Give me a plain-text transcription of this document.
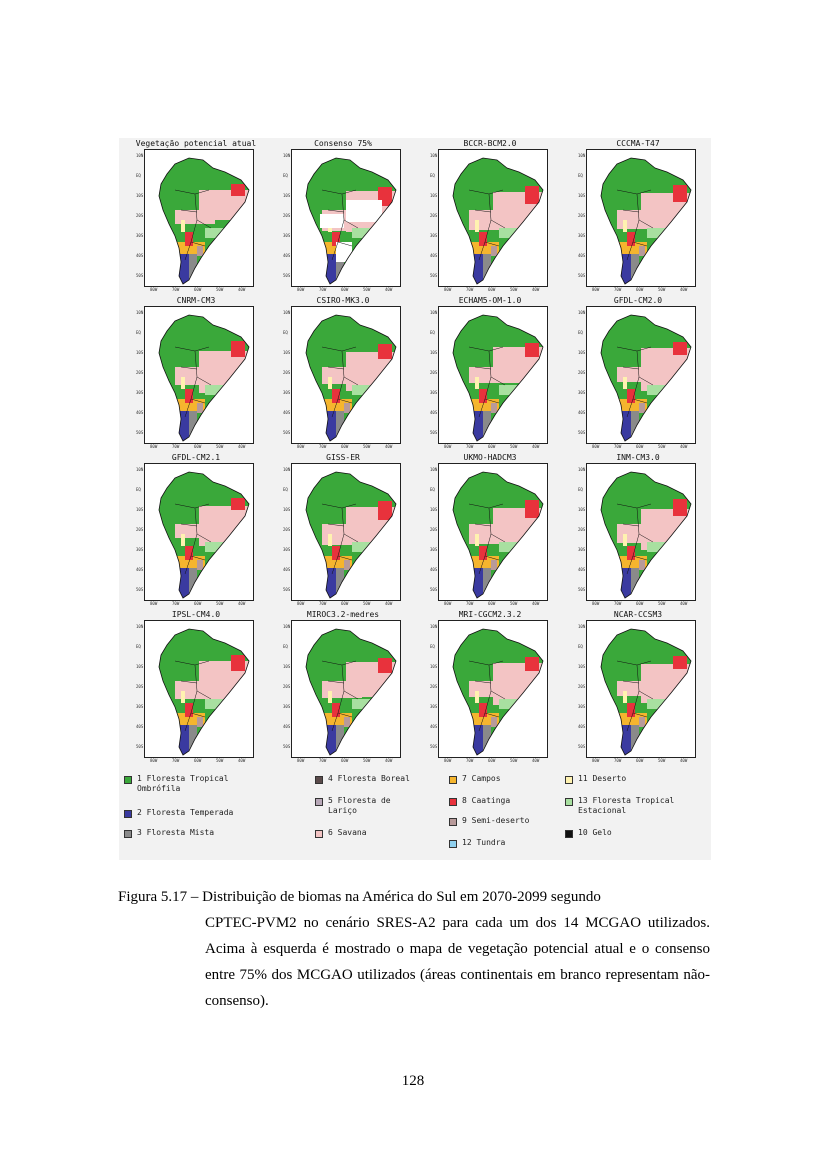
Vegetação potencial atual
10N
EQ
10S
20S
30S
40S
50S
80W	70W	60W	50W	40W
Consenso 75%
10N
EQ
10S
20S
30S
40S
50S
80W	70W	60W	50W	40W
BCCR-BCM2.0
10N
EQ
10S
20S
30S
40S
50S
80W	70W	60W	50W	40W
CCCMA-T47
10N
EQ
10S
20S
30S
40S
50S
80W	70W	60W	50W	40W
CNRM-CM3
10N
EQ
10S
20S
30S
40S
50S
80W	70W	60W	50W	40W
CSIRO-MK3.0
10N
EQ
10S
20S
30S
40S
50S
80W	70W	60W	50W	40W
ECHAM5-OM-1.0
10N
EQ
10S
20S
30S
40S
50S
80W	70W	60W	50W	40W
GFDL-CM2.0
10N
EQ
10S
20S
30S
40S
50S
80W	70W	60W	50W	40W
GFDL-CM2.1
10N
EQ
10S
20S
30S
40S
50S
80W	70W	60W	50W	40W
GISS-ER
10N
EQ
10S
20S
30S
40S
50S
80W	70W	60W	50W	40W
UKMO-HADCM3
10N
EQ
10S
20S
30S
40S
50S
80W	70W	60W	50W	40W
INM-CM3.0
10N
EQ
10S
20S
30S
40S
50S
80W	70W	60W	50W	40W
IPSL-CM4.0
10N
EQ
10S
20S
30S
40S
50S
80W	70W	60W	50W	40W
MIROC3.2-medres
10N
EQ
10S
20S
30S
40S
50S
80W	70W	60W	50W	40W
MRI-CGCM2.3.2
10N
EQ
10S
20S
30S
40S
50S
80W	70W	60W	50W	40W
NCAR-CCSM3
10N
EQ
10S
20S
30S
40S
50S
80W	70W	60W	50W	40W
1 Floresta Tropical
Ombrófila
2 Floresta Temperada
3 Floresta Mista
4 Floresta Boreal
5 Floresta de
Lariço
6 Savana
7 Campos
8 Caatinga
9 Semi-deserto
12 Tundra
11 Deserto
13 Floresta Tropical
Estacional
10 Gelo

Figura 5.17 – Distribuição de biomas na América do Sul em 2070-2099 segundo
CPTEC-PVM2 no cenário SRES-A2 para cada um dos 14 MCGAO utilizados. Acima à esquerda é mostrado o mapa de vegetação potencial atual e o consenso entre 75% dos MCGAO utilizados (áreas continentais em branco representam não-consenso).

128
